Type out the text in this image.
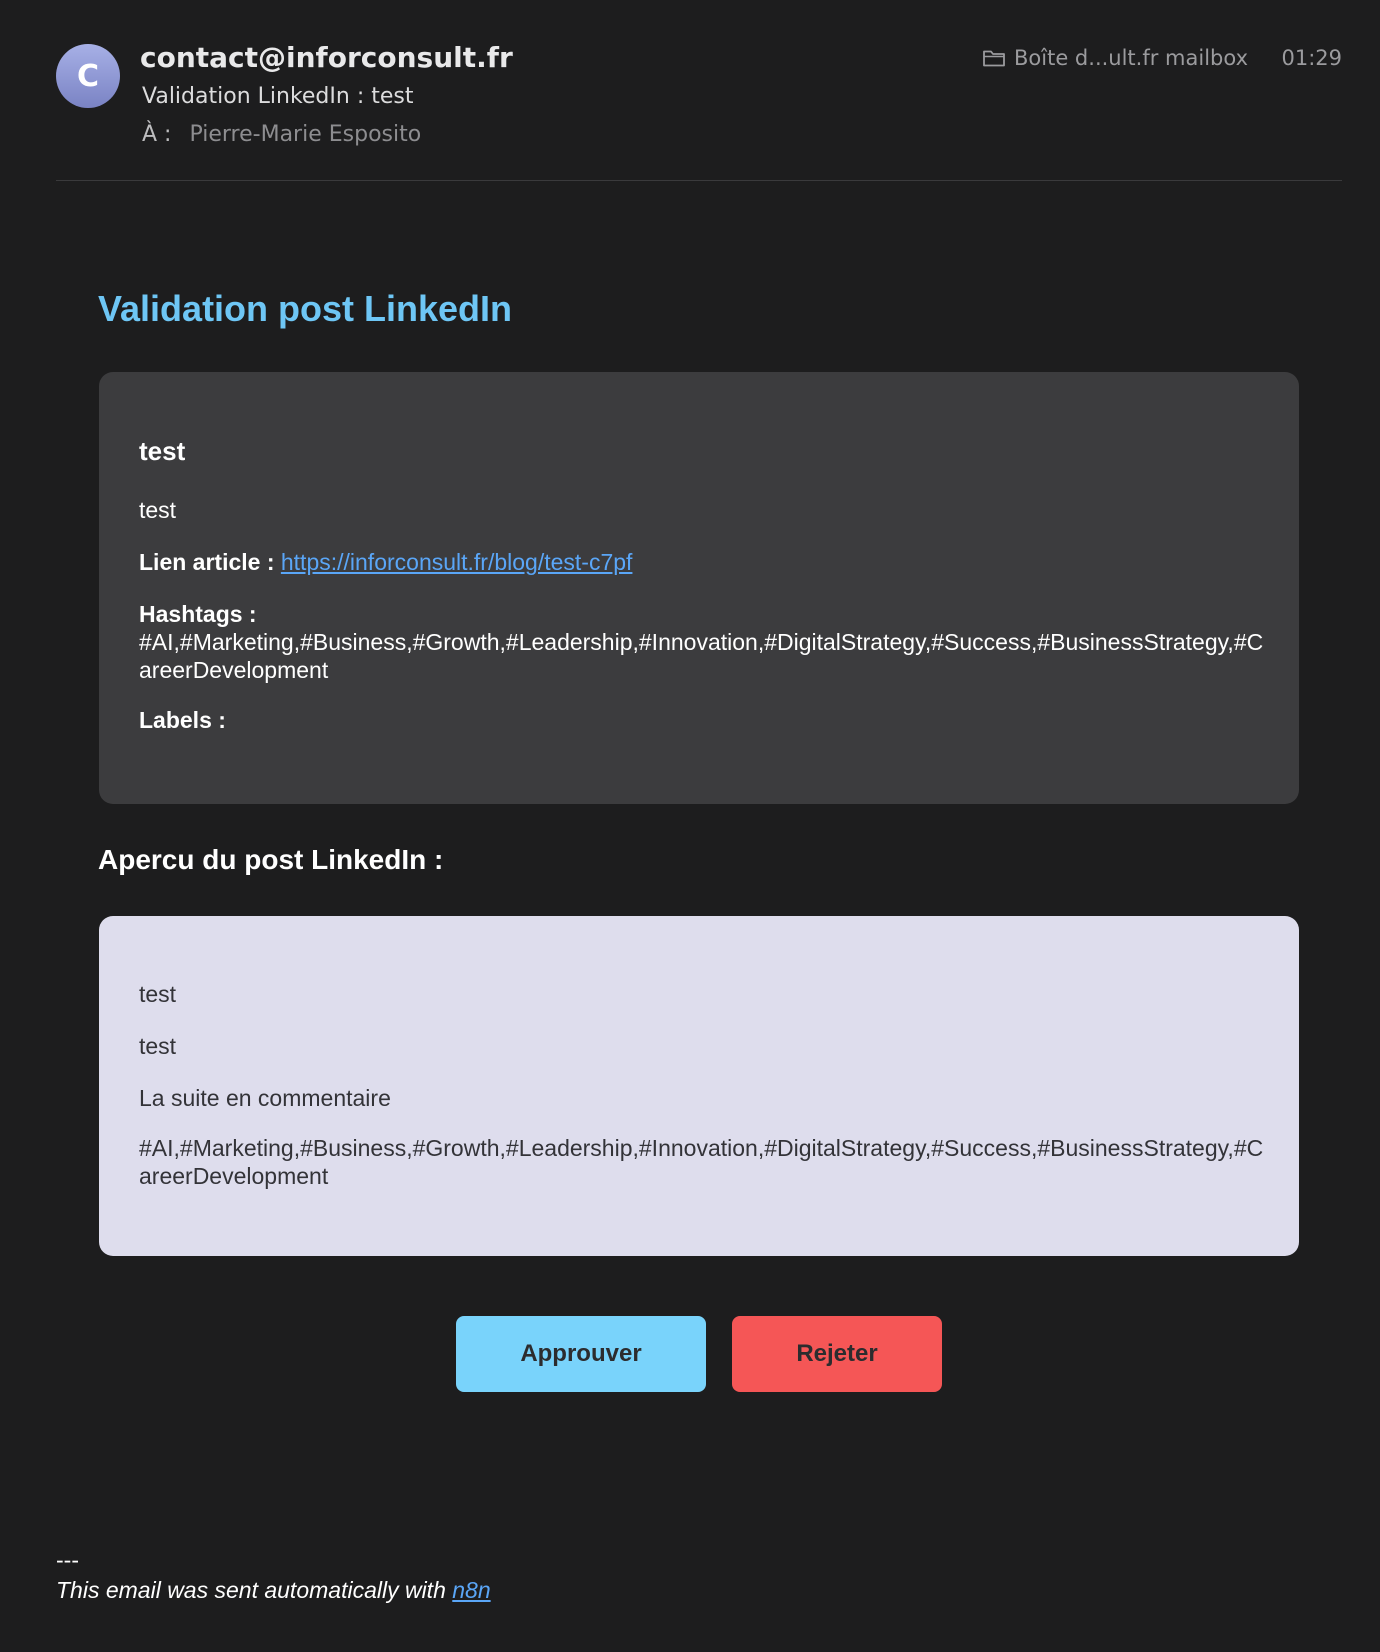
C
contact@inforconsult.fr
Validation LinkedIn : test
À : Pierre-Marie Esposito
Boîte d...ult.fr mailbox 01:29
Validation post LinkedIn
test
test
Lien article : https://inforconsult.fr/blog/test-c7pf
Hashtags :
#AI,#Marketing,#Business,#Growth,#Leadership,#Innovation,#DigitalStrategy,#Success,#BusinessStrategy,#CareerDevelopment
Labels :
Apercu du post LinkedIn :
test
test
La suite en commentaire
#AI,#Marketing,#Business,#Growth,#Leadership,#Innovation,#DigitalStrategy,#Success,#BusinessStrategy,#CareerDevelopment
Approuver	Rejeter
---
This email was sent automatically with n8n
